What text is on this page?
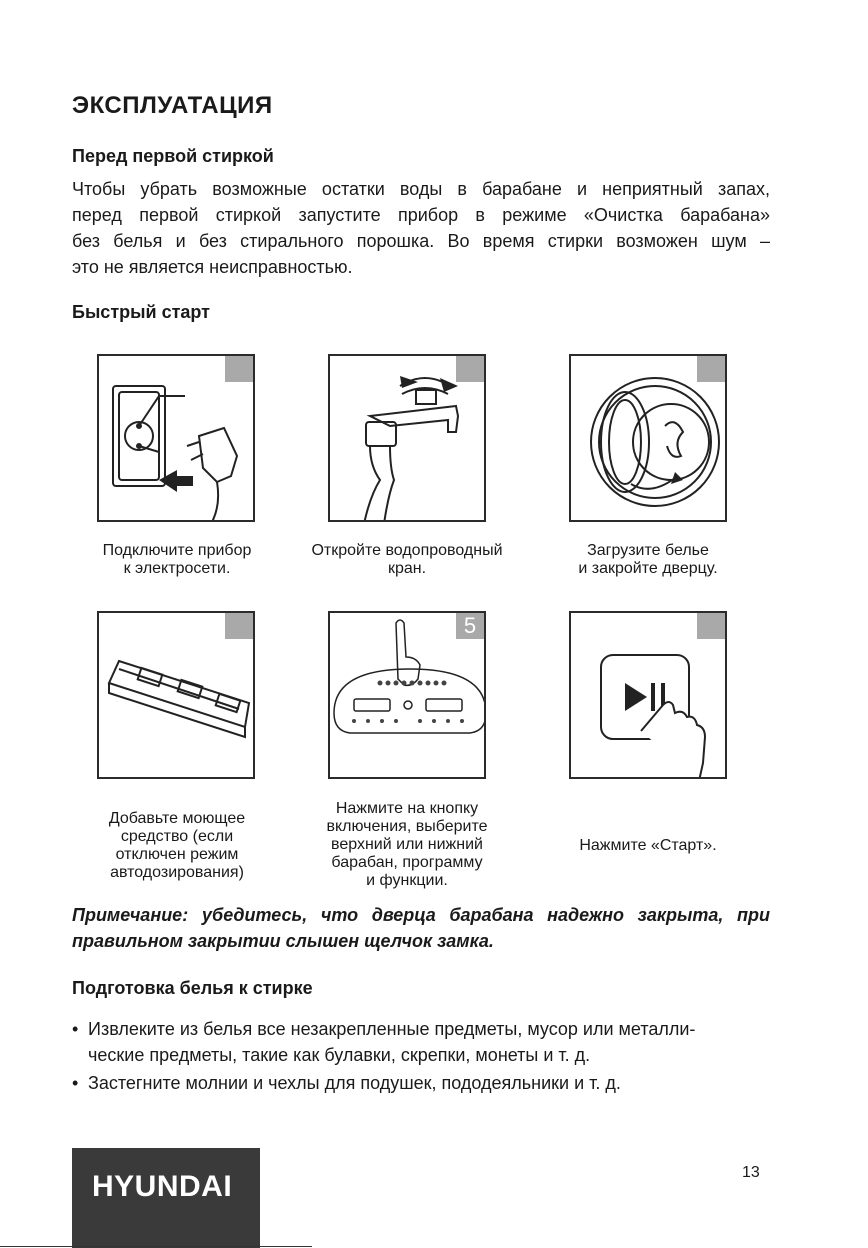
ЭКСПЛУАТАЦИЯ
Перед первой стиркой
Чтобы убрать возможные остатки воды в барабане и неприятный запах,
перед первой стиркой запустите прибор в режиме «Очистка барабана»
без белья и без стирального порошка. Во время стирки возможен шум –
это не является неисправностью.
Быстрый старт
Подключите прибор
к электросети.
Откройте водопроводный
кран.
Загрузите белье
и закройте дверцу.
Добавьте моющее
средство (если
отключен режим
автодозирования)
5
Нажмите на кнопку
включения, выберите
верхний или нижний
барабан, программу
и функции.
Нажмите «Старт».
Примечание: убедитесь, что дверца барабана надежно закрыта, при
правильном закрытии слышен щелчок замка.
Подготовка белья к стирке
• Извлеките из белья все незакрепленные предметы, мусор или металли-
ческие предметы, такие как булавки, скрепки, монеты и т. д.
• Застегните молнии и чехлы для подушек, пододеяльники и т. д.
HYUNDAI	13
